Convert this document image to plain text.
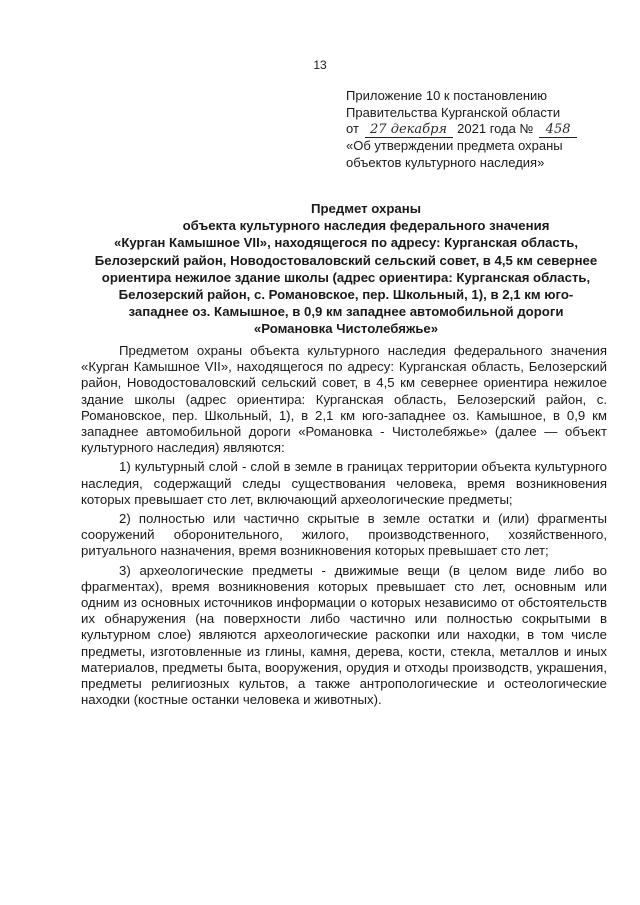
13
Приложение 10 к постановлению
Правительства Курганской области
от 27 декабря 2021 года № 458
«Об утверждении предмета охраны
объектов культурного наследия»
Предмет охраны
объекта культурного наследия федерального значения
«Курган Камышное VII», находящегося по адресу: Курганская область,
Белозерский район, Новодостоваловский сельский совет, в 4,5 км севернее
ориентира нежилое здание школы (адрес ориентира: Курганская область,
Белозерский район, с. Романовское, пер. Школьный, 1), в 2,1 км юго-
западнее оз. Камышное, в 0,9 км западнее автомобильной дороги
«Романовка Чистолебяжье»

Предметом охраны объекта культурного наследия федерального значения «Курган Камышное VII», находящегося по адресу: Курганская область, Белозерский район, Новодостоваловский сельский совет, в 4,5 км севернее ориентира нежилое здание школы (адрес ориентира: Курганская область, Белозерский район, с. Романовское, пер. Школьный, 1), в 2,1 км юго-западнее оз. Камышное, в 0,9 км западнее автомобильной дороги «Романовка - Чистолебяжье» (далее — объект культурного наследия) являются:

1) культурный слой - слой в земле в границах территории объекта культурного наследия, содержащий следы существования человека, время возникновения которых превышает сто лет, включающий археологические предметы;

2) полностью или частично скрытые в земле остатки и (или) фрагменты сооружений оборонительного, жилого, производственного, хозяйственного, ритуального назначения, время возникновения которых превышает сто лет;

3) археологические предметы - движимые вещи (в целом виде либо во фрагментах), время возникновения которых превышает сто лет, основным или одним из основных источников информации о которых независимо от обстоятельств их обнаружения (на поверхности либо частично или полностью сокрытыми в культурном слое) являются археологические раскопки или находки, в том числе предметы, изготовленные из глины, камня, дерева, кости, стекла, металлов и иных материалов, предметы быта, вооружения, орудия и отходы производств, украшения, предметы религиозных культов, а также антропологические и остеологические находки (костные останки человека и животных).
